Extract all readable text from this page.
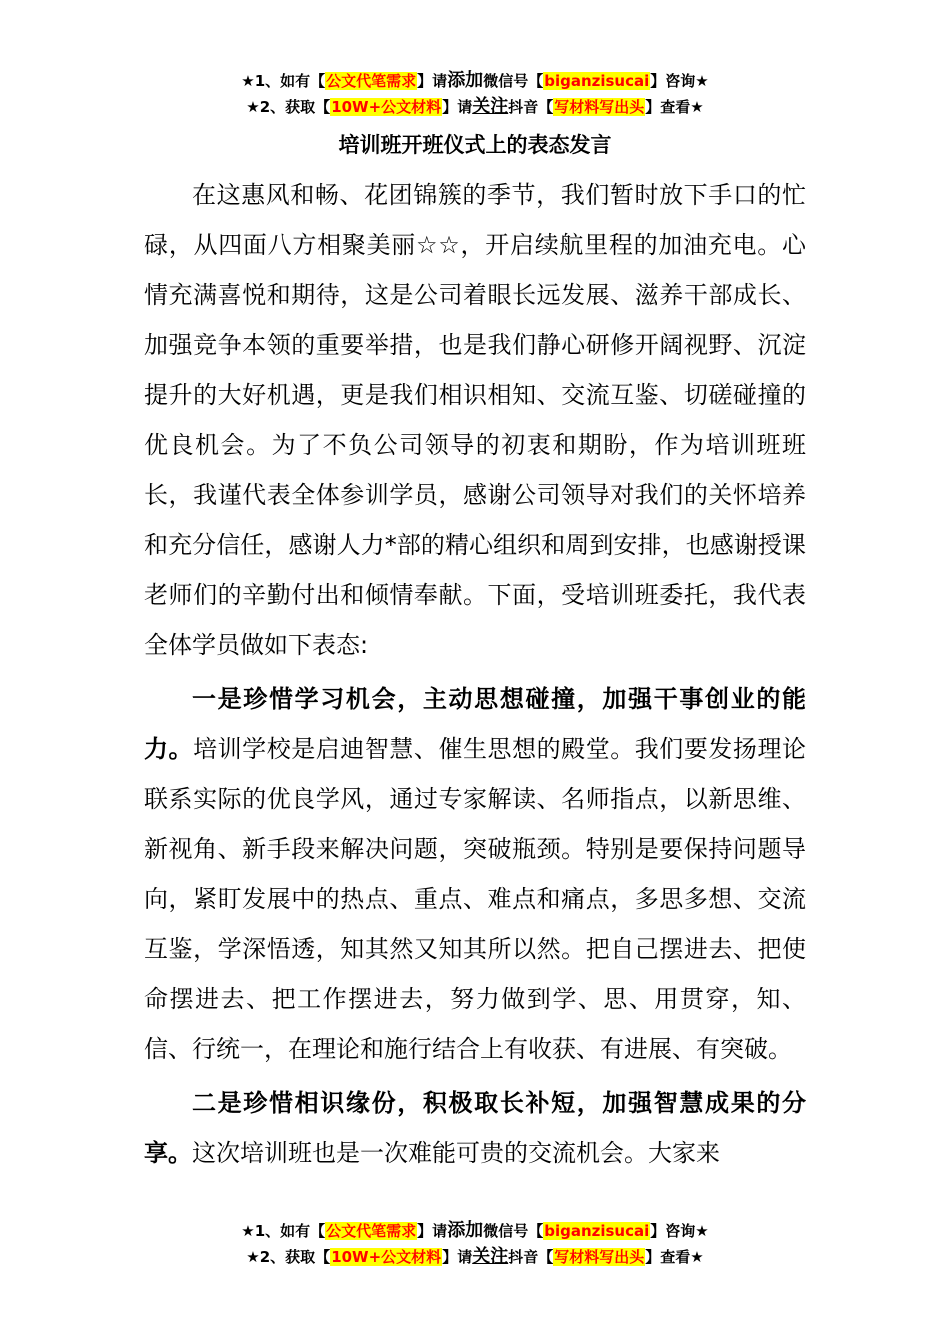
★1、如有【公文代笔需求】请添加微信号【biganzisucai】咨询★
★2、获取【10W+公文材料】请关注抖音【写材料写出头】查看★
培训班开班仪式上的表态发言

在这惠风和畅、花团锦簇的季节，我们暂时放下手口的忙碌，从四面八方相聚美丽☆☆，开启续航里程的加油充电。心情充满喜悦和期待，这是公司着眼长远发展、滋养干部成长、加强竞争本领的重要举措，也是我们静心研修开阔视野、沉淀提升的大好机遇，更是我们相识相知、交流互鉴、切磋碰撞的优良机会。为了不负公司领导的初衷和期盼，作为培训班班长，我谨代表全体参训学员，感谢公司领导对我们的关怀培养和充分信任，感谢人力*部的精心组织和周到安排，也感谢授课老师们的辛勤付出和倾情奉献。下面，受培训班委托，我代表全体学员做如下表态:

一是珍惜学习机会，主动思想碰撞，加强干事创业的能力。培训学校是启迪智慧、催生思想的殿堂。我们要发扬理论联系实际的优良学风，通过专家解读、名师指点，以新思维、新视角、新手段来解决问题，突破瓶颈。特别是要保持问题导向，紧盯发展中的热点、重点、难点和痛点，多思多想、交流互鉴，学深悟透，知其然又知其所以然。把自己摆进去、把使命摆进去、把工作摆进去，努力做到学、思、用贯穿，知、信、行统一，在理论和施行结合上有收获、有进展、有突破。

二是珍惜相识缘份，积极取长补短，加强智慧成果的分享。这次培训班也是一次难能可贵的交流机会。大家来

★1、如有【公文代笔需求】请添加微信号【biganzisucai】咨询★
★2、获取【10W+公文材料】请关注抖音【写材料写出头】查看★
